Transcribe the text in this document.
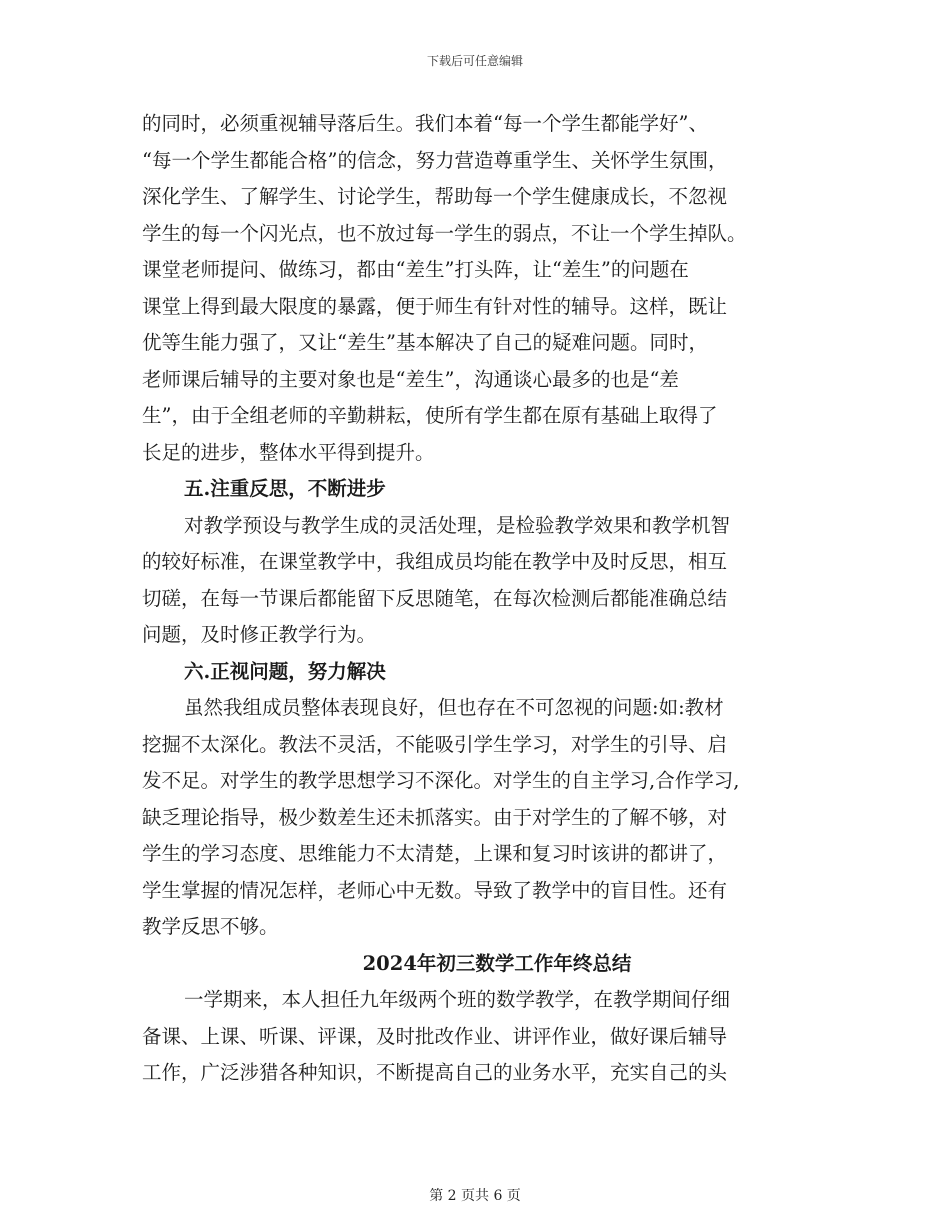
下载后可任意编辑
的同时，必须重视辅导落后生。我们本着“每一个学生都能学好”、
“每一个学生都能合格”的信念，努力营造尊重学生、关怀学生氛围，
深化学生、了解学生、讨论学生，帮助每一个学生健康成长，不忽视
学生的每一个闪光点，也不放过每一学生的弱点，不让一个学生掉队。
课堂老师提问、做练习，都由“差生”打头阵，让“差生”的问题在
课堂上得到最大限度的暴露，便于师生有针对性的辅导。这样，既让
优等生能力强了，又让“差生”基本解决了自己的疑难问题。同时，
老师课后辅导的主要对象也是“差生”，沟通谈心最多的也是“差
生”，由于全组老师的辛勤耕耘，使所有学生都在原有基础上取得了
长足的进步，整体水平得到提升。
五.注重反思，不断进步
对教学预设与教学生成的灵活处理，是检验教学效果和教学机智
的较好标准，在课堂教学中，我组成员均能在教学中及时反思，相互
切磋，在每一节课后都能留下反思随笔，在每次检测后都能准确总结
问题，及时修正教学行为。
六.正视问题，努力解决
虽然我组成员整体表现良好，但也存在不可忽视的问题:如:教材
挖掘不太深化。教法不灵活，不能吸引学生学习，对学生的引导、启
发不足。对学生的教学思想学习不深化。对学生的自主学习,合作学习,
缺乏理论指导，极少数差生还未抓落实。由于对学生的了解不够，对
学生的学习态度、思维能力不太清楚，上课和复习时该讲的都讲了，
学生掌握的情况怎样，老师心中无数。导致了教学中的盲目性。还有
教学反思不够。
2024年初三数学工作年终总结
一学期来，本人担任九年级两个班的数学教学，在教学期间仔细
备课、上课、听课、评课，及时批改作业、讲评作业，做好课后辅导
工作，广泛涉猎各种知识，不断提高自己的业务水平，充实自己的头
第 2 页共 6 页
